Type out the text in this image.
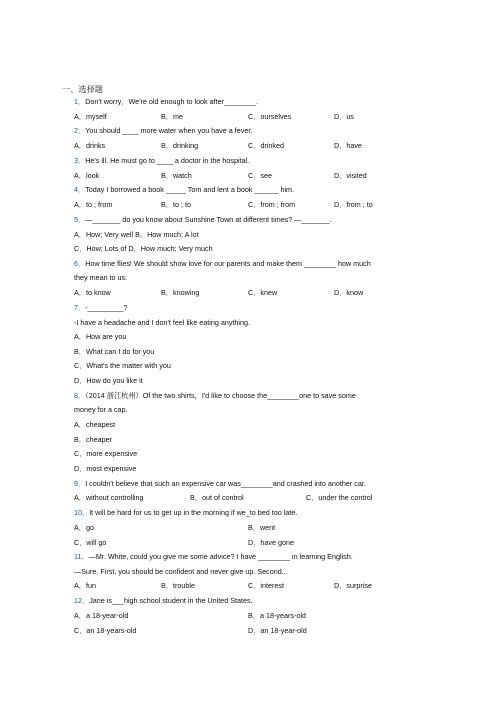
一、选择题
1．Don't worry．We're old enough to look after________.
A．myself	B．me	C．ourselves	D．us
2．You should ____ more water when you have a fever.
A．drinks	B．drinking	C．drinked	D．have
3．He's ill. He must go to ____ a doctor in the hospital.
A．look	B．watch	C．see	D．visited
4．Today I borrowed a book _____ Tom and lent a book ______ him.
A．to ; from	B．to ; to	C．from ; from	D．from ; to
5．—_______ do you know about Sunshine Town at different times? —_______.
A．How; Very well B．How much; A lot
C．How; Lots of D．How much; Very much
6．How time flies! We should show love for our parents and make them ________ how much
they mean to us.
A．to know	B．knowing	C．knew	D．know
7．-_________?
-I have a headache and I don't feel like eating anything.
A．How are you
B．What can I do for you
C．What's the matter with you
D．How do you like it
8．（2014 浙江杭州）Of the two shirts，I'd like to choose the________one to save some
money for a cap.
A．cheapest
B．cheaper
C．more expensive
D．most expensive
9．I couldn't believe that such an expensive car was________and crashed into another car.
A．without controlling	B．out of control	C．under the control
10．It will be hard for us to get up in the morning if we_to bed too late.
A．go	B．went
C．will go	D．have gone
11．—Mr. White, could you give me some advice? I have ________ in learning English.
—Sure. First, you should be confident and never give up. Second...
A．fun	B．trouble	C．interest	D．surprise
12．Jane is___high school student in the United States.
A．a 18-year-old	B．a 18-years-old
C．an 18-years-old	D．an 18-year-old
